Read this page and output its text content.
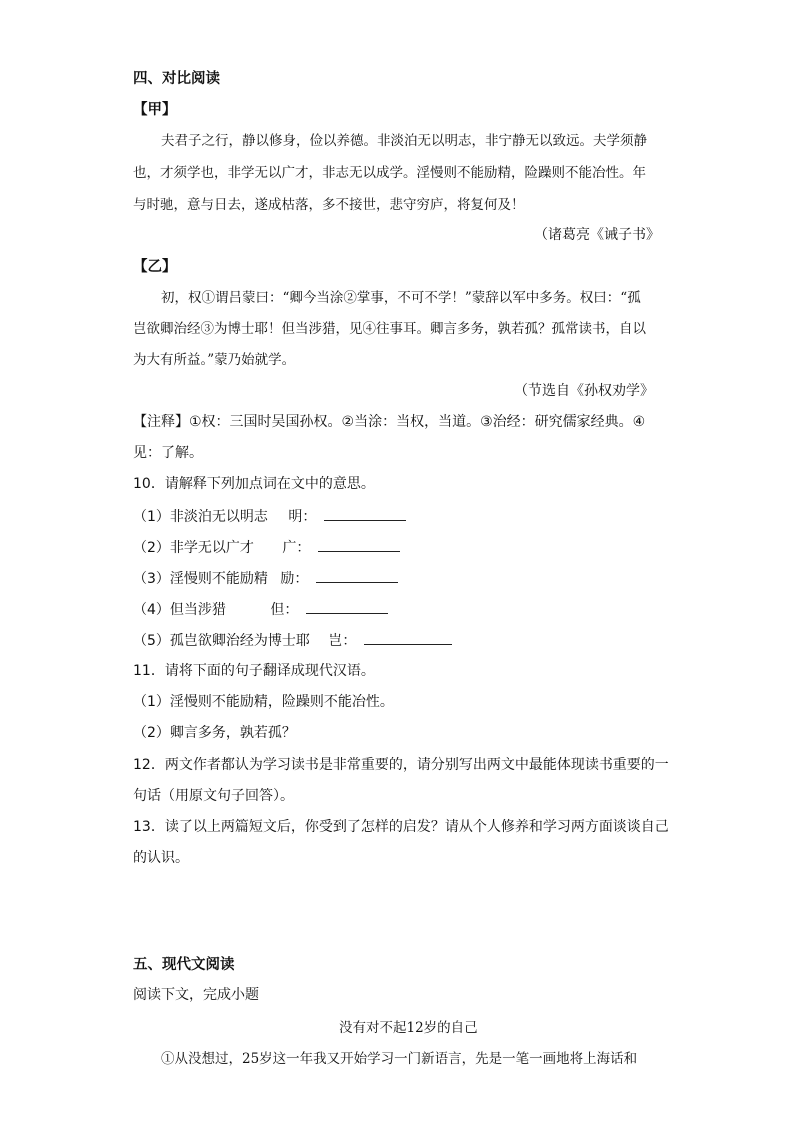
四、对比阅读
【甲】
夫君子之行，静以修身，俭以养德。非淡泊无以明志，非宁静无以致远。夫学须静
也，才须学也，非学无以广才，非志无以成学。淫慢则不能励精，险躁则不能冶性。年
与时驰，意与日去，遂成枯落，多不接世，悲守穷庐，将复何及！
（诸葛亮《诫子书》
【乙】
初，权①谓吕蒙曰：“卿今当涂②掌事，不可不学！”蒙辞以军中多务。权曰：“孤
岂欲卿治经③为博士耶！但当涉猎，见④往事耳。卿言多务，孰若孤？孤常读书，自以
为大有所益。”蒙乃始就学。
（节选自《孙权劝学》
【注释】①权：三国时吴国孙权。②当涂：当权，当道。③治经：研究儒家经典。④
见：了解。
10．请解释下列加点词在文中的意思。
（1）非淡泊无以明志 明：
（2）非学无以广才 广：
（3）淫慢则不能励精 励：
（4）但当涉猎	但：
（5）孤岂欲卿治经为博士耶 岂：
11．请将下面的句子翻译成现代汉语。
（1）淫慢则不能励精，险躁则不能冶性。
（2）卿言多务，孰若孤？
12．两文作者都认为学习读书是非常重要的，请分别写出两文中最能体现读书重要的一
句话（用原文句子回答）。
13．读了以上两篇短文后，你受到了怎样的启发？请从个人修养和学习两方面谈谈自己
的认识。
五、现代文阅读
阅读下文，完成小题
没有对不起12岁的自己
①从没想过，25岁这一年我又开始学习一门新语言，先是一笔一画地将上海话和
